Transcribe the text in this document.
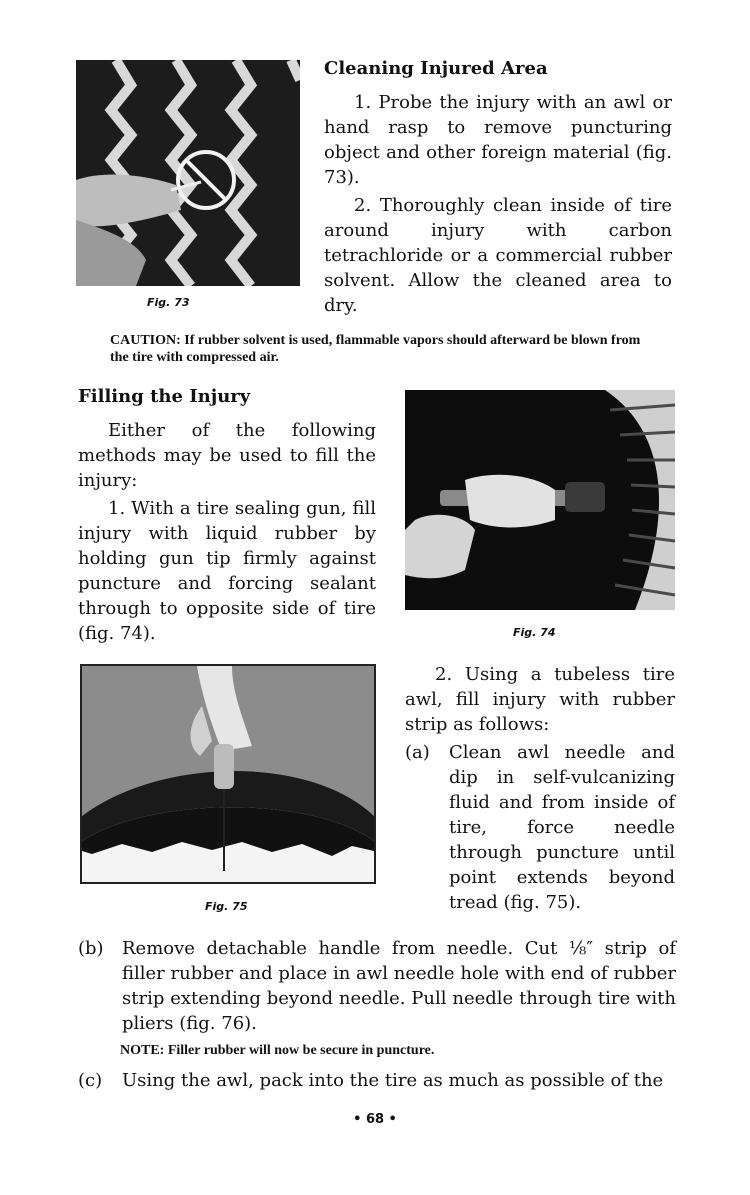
Fig. 73
Cleaning Injured Area

1. Probe the injury with an awl or hand rasp to remove puncturing object and other foreign material (fig. 73).

2. Thoroughly clean inside of tire around injury with carbon tetrachloride or a commercial rubber solvent. Allow the cleaned area to dry.

CAUTION: If rubber solvent is used, flammable vapors should afterward be blown from the tire with compressed air.
Filling the Injury

Either of the following methods may be used to fill the injury:

1. With a tire sealing gun, fill injury with liquid rubber by holding gun tip firmly against puncture and forcing sealant through to opposite side of tire (fig. 74).	Fig. 74
Fig. 75

2. Using a tubeless tire awl, fill injury with rubber strip as follows:

(a) Clean awl needle and dip in self-vulcanizing fluid and from inside of tire, force needle through puncture until point extends beyond tread (fig. 75).
(b) Remove detachable handle from needle. Cut ⅛″ strip of filler rubber and place in awl needle hole with end of rubber strip extending beyond needle. Pull needle through tire with pliers (fig. 76).
NOTE: Filler rubber will now be secure in puncture.
(c) Using the awl, pack into the tire as much as possible of the
• 68 •
